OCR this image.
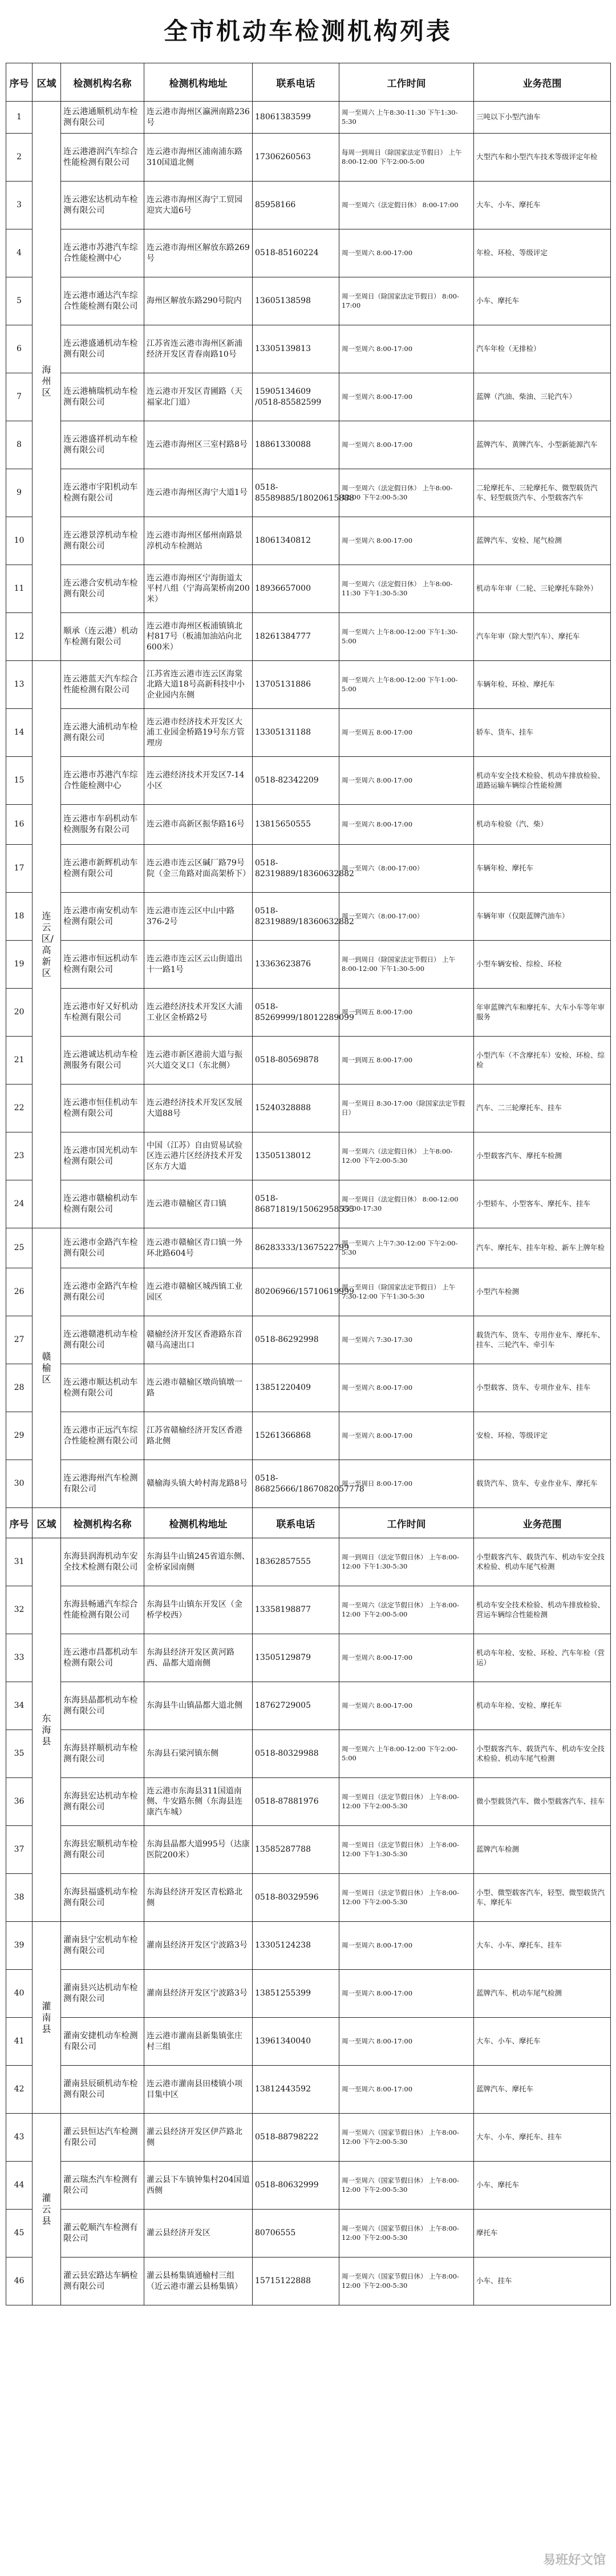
全市机动车检测机构列表
序号	区域	检测机构名称	检测机构地址	联系电话	工作时间	业务范围
1	海州区	连云港通顺机动车检测有限公司	连云港市海州区瀛洲南路236号	18061383599	周一至周六 上午8:30-11:30 下午1:30-5:30	三吨以下小型汽油车
2		连云港港润汽车综合性能检测有限公司	连云港市海州区浦南浦东路310国道北侧	17306260563	每周一到周日（除国家法定节假日） 上午8:00-12:00 下午2:00-5:00	大型汽车和小型汽车技术等级评定年检
3		连云港宏达机动车检测有限公司	连云港市海州区海宁工贸园迎宾大道6号	85958166	周一至周六（法定假日休） 8:00-17:00	大车、小车、摩托车
4		连云港市苏港汽车综合性能检测中心	连云港市海州区解放东路269号	0518-85160224	周一至周六 8:00-17:00	年检、环检、等级评定
5		连云港市通达汽车综合性能检测有限公司	海州区解放东路290号院内	13605138598	周一至周日（除国家法定节假日） 8:00-17:00	小车、摩托车
6		连云港盛通机动车检测有限公司	江苏省连云港市海州区新浦经济开发区青春南路10号	13305139813	周一至周六 8:00-17:00	汽车年检（无排检）
7		连云港楠瑞机动车检测有限公司	连云港市开发区青圃路（天福家北门道）	15905134609 /0518-85582599	周一至周六 8:00-17:00	蓝牌（汽油、柴油、三轮汽车）
8		连云港盛祥机动车检测有限公司	连云港市海州区三室村路8号	18861330088	周一至周六 8:00-17:00	蓝牌汽车、黄牌汽车、小型新能源汽车
9		连云港市宇阳机动车检测有限公司	连云港市海州区海宁大道1号	0518-85589885/18020615888	周一至周六（法定假日休） 上午8:00-12:00 下午2:00-5:30	二轮摩托车、三轮摩托车、微型载货汽车、轻型载货汽车、小型载客汽车
10		连云港景淳机动车检测有限公司	连云港市海州区郁州南路景淳机动车检测站	18061340812	周一至周六 8:00-17:00	蓝牌汽车、安检、尾气检测
11		连云港合安机动车检测有限公司	连云港市海州区宁海街道太平村八组（宁海高架桥南200米）	18936657000	周一至周六（法定假日休） 上午8:00-11:30 下午1:30-5:30	机动车年审（二轮、三轮摩托车除外）
12		顺承（连云港）机动车检测有限公司	连云港市海州区板浦镇镇北村817号（板浦加油站向北600米）	18261384777	周一至周六 上午8:00-12:00 下午1:30-5:00	汽车年审（除大型汽车）、摩托车
13	连云区/高新区	连云港蓝天汽车综合性能检测有限公司	江苏省连云港市连云区海棠北路大道18号高新科技中小企业园内东侧	13705131886	周一至周六 上午8:00-12:00 下午1:00-5:00	车辆年检、环检、摩托车
14		连云港大浦机动车检测有限公司	连云港市经济技术开发区大浦工业园金桥路19号东方管理房	13305131188	周一至周五 8:00-17:00	轿车、货车、挂车
15		连云港市苏港汽车综合性能检测中心	连云港经济技术开发区7-14小区	0518-82342209	周一至周六 8:00-17:00	机动车安全技术检验、机动车排放检验、道路运输车辆综合性能检测
16		连云港市车码机动车检测服务有限公司	连云港市高新区振华路16号	13815650555	周一至周六 8:00-17:00	机动车检验（汽、柴）
17		连云港市新辉机动车检测有限公司	连云港市连云区碱厂路79号院（金三角路对面高架桥下）	0518-82319889/18360632882	周一至周六（8:00-17:00）	车辆年检、摩托车
18		连云港市南安机动车检测有限公司	连云港市连云区中山中路376-2号	0518-82319889/18360632882	周一至周六（8:00-17:00）	车辆年审（仅限蓝牌汽油车）
19		连云港市恒远机动车检测有限公司	连云港市连云区云山街道出十一路1号	13363623876	周一到周日（除国家法定节假日） 上午8:00-12:00 下午1:30-5:00	小型车辆安检、综检、环检
20		连云港市好又好机动车检测有限公司	连云港经济技术开发区大浦工业区金桥路2号	0518-85269999/18012289099	周一到周五 8:00-17:00	年审蓝牌汽车和摩托车、大车小车等年审服务
21		连云港诚达机动车检测服务有限公司	连云港市新区港前大道与振兴大道交叉口（东北侧）	0518-80569878	周一到周五 8:00-17:00	小型汽车（不含摩托车）安检、环检、综检
22		连云港市恒佳机动车检测有限公司	连云港经济技术开发区发展大道88号	15240328888	周一至周日 8:30-17:00（除国家法定节假日）	汽车、二三轮摩托车、挂车
23		连云港市国光机动车检测有限公司	中国（江苏）自由贸易试验区连云港片区经济技术开发区东方大道	13505138012	周一至周六（法定假日休） 上午8:00-12:00 下午2:00-5:30	小型载客汽车、摩托车检测
24		连云港市赣榆机动车检测有限公司	连云港市赣榆区青口镇	0518-86871819/15062958555	周一至周日（法定假日休） 8:00-12:00 13:00-17:30	小型轿车、小型客车、摩托车、挂车
25	赣榆区	连云港市金路汽车检测有限公司	连云港市赣榆区青口镇一外环北路604号	86283333/1367522799	周一至周六 上午7:30-12:00 下午2:00-5:30	汽车、摩托车、挂车年检、新车上牌年检
26		连云港市金路汽车检测有限公司	连云港市赣榆区城西镇工业园区	80206966/15710619999	周一至周日（除国家法定节假日） 上午7:30-12:00 下午1:30-5:30	小型汽车检测
27		连云港赣港机动车检测有限公司	赣榆经济开发区香港路东首赣马高速出口	0518-86292998	周一至周六 7:30-17:30	载货汽车、货车、专用作业车、摩托车、挂车、三轮汽车、牵引车
28		连云港市顺达机动车检测有限公司	连云港市赣榆区墩尚镇墩一路	13851220409	周一至周六 8:00-17:00	小型载客、货车、专项作业车、挂车
29		连云港市正远汽车综合性能检测有限公司	江苏省赣榆经济开发区香港路北侧	15261366868	周一至周六 8:00-17:00	安检、环检、等级评定
30		连云港海州汽车检测有限公司	赣榆海头镇大岭村海龙路8号	0518-86825666/1867082057778	周一至周日 8:00-17:00	载货汽车、货车、专业作业车、摩托车
序号	区域	检测机构名称	检测机构地址	联系电话	工作时间	业务范围
31	东海县	东海县润海机动车安全技术检测有限公司	东海县牛山镇245省道东侧、金桥家园南侧	18362857555	周一到周日（法定节假日休） 上午8:00-12:00 下午1:30-5:30	小型载客汽车、载货汽车、机动车安全技术检验、机动车尾气检测
32		东海县畅通汽车综合性能检测有限公司	东海县牛山镇东开发区（金桥学校西）	13358198877	周一至周六（法定节假日休） 上午8:00-12:00 下午2:00-5:00	机动车安全技术检验、机动车排放检验、营运车辆综合性能检测
33		连云港市昌都机动车检测有限公司	东海县经济开发区黄河路西、晶都大道南侧	13505129879	周一至周六 8:00-17:00	机动车年检、安检、环检、汽车年检（营运）
34		东海县晶都机动车检测有限公司	东海县牛山镇晶都大道北侧	18762729005	周一至周六 8:00-17:00	机动车年检、安检、摩托车
35		东海县祥顺机动车检测有限公司	东海县石梁河镇东侧	0518-80329988	周一至周六 上午8:00-12:00 下午2:00-5:00	小型载客汽车、载货汽车、机动车安全技术检验、机动车尾气检测
36		东海县宏达机动车检测有限公司	连云港市东海县311国道南侧、牛安路东侧（东海县连康汽车城）	0518-87881976	周一至周日（法定节假日休） 上午8:00-12:00 下午2:00-5:30	微小型载货汽车、微小型载客汽车、挂车
37		东海县宏顺机动车检测有限公司	东海县晶都大道995号（达康医院200米）	13585287788	周一至周日（法定节假日休） 上午8:00-12:00 下午1:30-5:30	蓝牌汽车检测
38		东海县福盛机动车检测有限公司	东海县经济开发区青松路北侧	0518-80329596	周一至周日（法定节假日休） 上午8:00-12:00 下午2:00-5:30	小型、微型载客汽车，轻型、微型载货汽车、摩托车
39	灌南县	灌南县宁宏机动车检测有限公司	灌南县经济开发区宁波路3号	13305124238	周一至周六 8:00-17:00	大车、小车、摩托车、挂车
40		灌南县兴达机动车检测有限公司	灌南县经济开发区宁波路3号	13851255399	周一至周六 8:00-17:00	蓝牌汽车、机动车尾气检测
41		灌南安捷机动车检测有限公司	连云港市灌南县新集镇张庄村三组	13961340040	周一至周六 8:00-17:00	大车、小车、摩托车
42		灌南县辰硕机动车检测有限公司	连云港市灌南县田楼镇小项目集中区	13812443592	周一至周六 8:00-17:00	蓝牌汽车、摩托车
43	灌云县	灌云县恒达汽车检测有限公司	灌云县经济开发区伊芦路北侧	0518-88798222	周一至周六（国家节假日休） 上午8:00-12:00 下午2:00-5:30	大车、小车、摩托车、挂车
44		灌云瑞杰汽车检测有限公司	灌云县下车镇钟集村204国道西侧	0518-80632999	周一至周六（国家节假日休） 上午8:00-12:00 下午2:00-5:30	小车、摩托车
45		灌云乾顺汽车检测有限公司	灌云县经济开发区	80706555	周一至周六（国家节假日休） 上午8:00-12:00 下午2:00-5:30	摩托车
46		灌云县宏路达车辆检测有限公司	灌云县杨集镇通榆村三组（近云港市灌云县杨集镇）	15715122888	周一至周六（国家节假日休） 上午8:00-12:00 下午2:00-5:30	小车、挂车
易班好文馆
